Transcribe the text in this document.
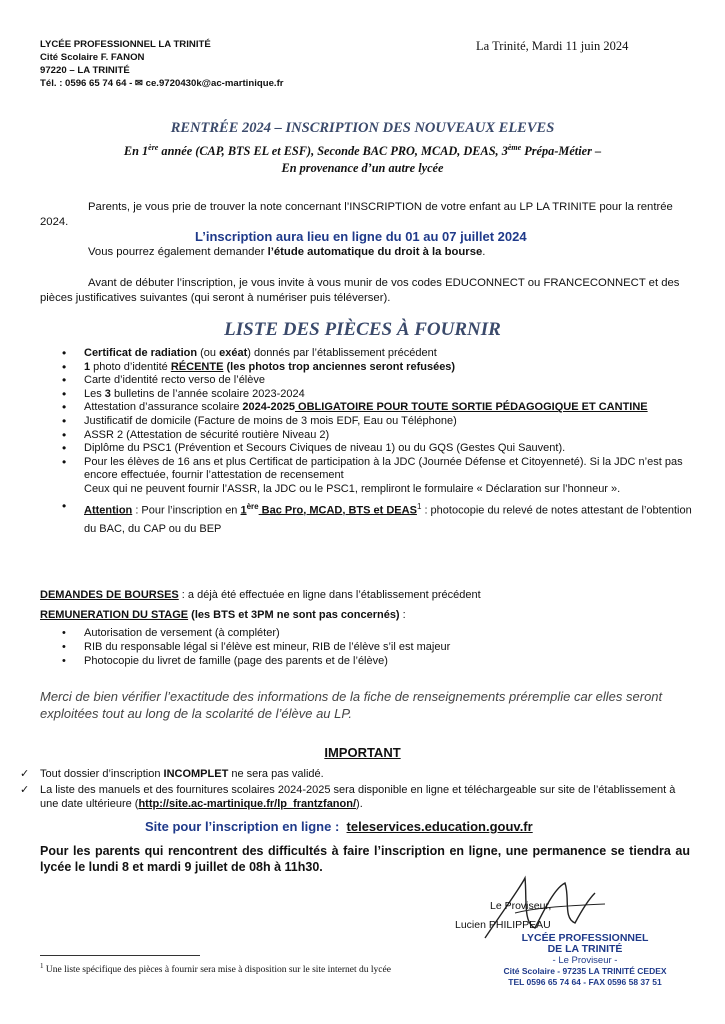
LYCÉE PROFESSIONNEL LA TRINITÉ
Cité Scolaire F. FANON
97220 – LA TRINITÉ
Tél. : 0596 65 74 64 - ✉ ce.9720430k@ac-martinique.fr
La Trinité, Mardi 11 juin 2024
RENTRÉE 2024 – INSCRIPTION DES NOUVEAUX ELEVES
En 1ère année (CAP, BTS EL et ESF), Seconde BAC PRO, MCAD, DEAS, 3ème Prépa-Métier –
En provenance d’un autre lycée
Parents, je vous prie de trouver la note concernant l’INSCRIPTION de votre enfant au LP LA TRINITE pour la rentrée 2024.
L’inscription aura lieu en ligne du 01 au 07 juillet 2024
Vous pourrez également demander l’étude automatique du droit à la bourse.
Avant de débuter l’inscription, je vous invite à vous munir de vos codes EDUCONNECT ou FRANCECONNECT et des pièces justificatives suivantes (qui seront à numériser puis téléverser).
LISTE DES PIÈCES À FOURNIR
• Certificat de radiation (ou exéat) donnés par l’établissement précédent
• 1 photo d’identité RÉCENTE (les photos trop anciennes seront refusées)
• Carte d’identité recto verso de l’élève
• Les 3 bulletins de l’année scolaire 2023-2024
• Attestation d’assurance scolaire 2024-2025 OBLIGATOIRE POUR TOUTE SORTIE PÉDAGOGIQUE ET CANTINE
• Justificatif de domicile (Facture de moins de 3 mois EDF, Eau ou Téléphone)
• ASSR 2 (Attestation de sécurité routière Niveau 2)
• Diplôme du PSC1 (Prévention et Secours Civiques de niveau 1) ou du GQS (Gestes Qui Sauvent).
• Pour les élèves de 16 ans et plus Certificat de participation à la JDC (Journée Défense et Citoyenneté). Si la JDC n’est pas encore effectuée, fournir l’attestation de recensement
Ceux qui ne peuvent fournir l’ASSR, la JDC ou le PSC1, rempliront le formulaire « Déclaration sur l’honneur ».
• Attention : Pour l’inscription en 1ère Bac Pro, MCAD, BTS et DEAS$^1$ : photocopie du relevé de notes attestant de l’obtention du BAC, du CAP ou du BEP
DEMANDES DE BOURSES : a déjà été effectuée en ligne dans l’établissement précédent
REMUNERATION DU STAGE (les BTS et 3PM ne sont pas concernés) :
• Autorisation de versement (à compléter)
• RIB du responsable légal si l’élève est mineur, RIB de l’élève s’il est majeur
• Photocopie du livret de famille (page des parents et de l’élève)
Merci de bien vérifier l’exactitude des informations de la fiche de renseignements préremplie car elles seront exploitées tout au long de la scolarité de l’élève au LP.
IMPORTANT
✓ Tout dossier d’inscription INCOMPLET ne sera pas validé.
✓ La liste des manuels et des fournitures scolaires 2024-2025 sera disponible en ligne et téléchargeable sur site de l’établissement à une date ultérieure (http://site.ac-martinique.fr/lp_frantzfanon/).
Site pour l’inscription en ligne : teleservices.education.gouv.fr
Pour les parents qui rencontrent des difficultés à faire l’inscription en ligne, une permanence se tiendra au lycée le lundi 8 et mardi 9 juillet de 08h à 11h30.
Le Proviseur,
Lucien PHILIPPEAU
LYCÉE PROFESSIONNEL
DE LA TRINITÉ
- Le Proviseur -
Cité Scolaire - 97235 LA TRINITÉ CEDEX
TEL 0596 65 74 64 - FAX 0596 58 37 51
$^1$ Une liste spécifique des pièces à fournir sera mise à disposition sur le site internet du lycée
